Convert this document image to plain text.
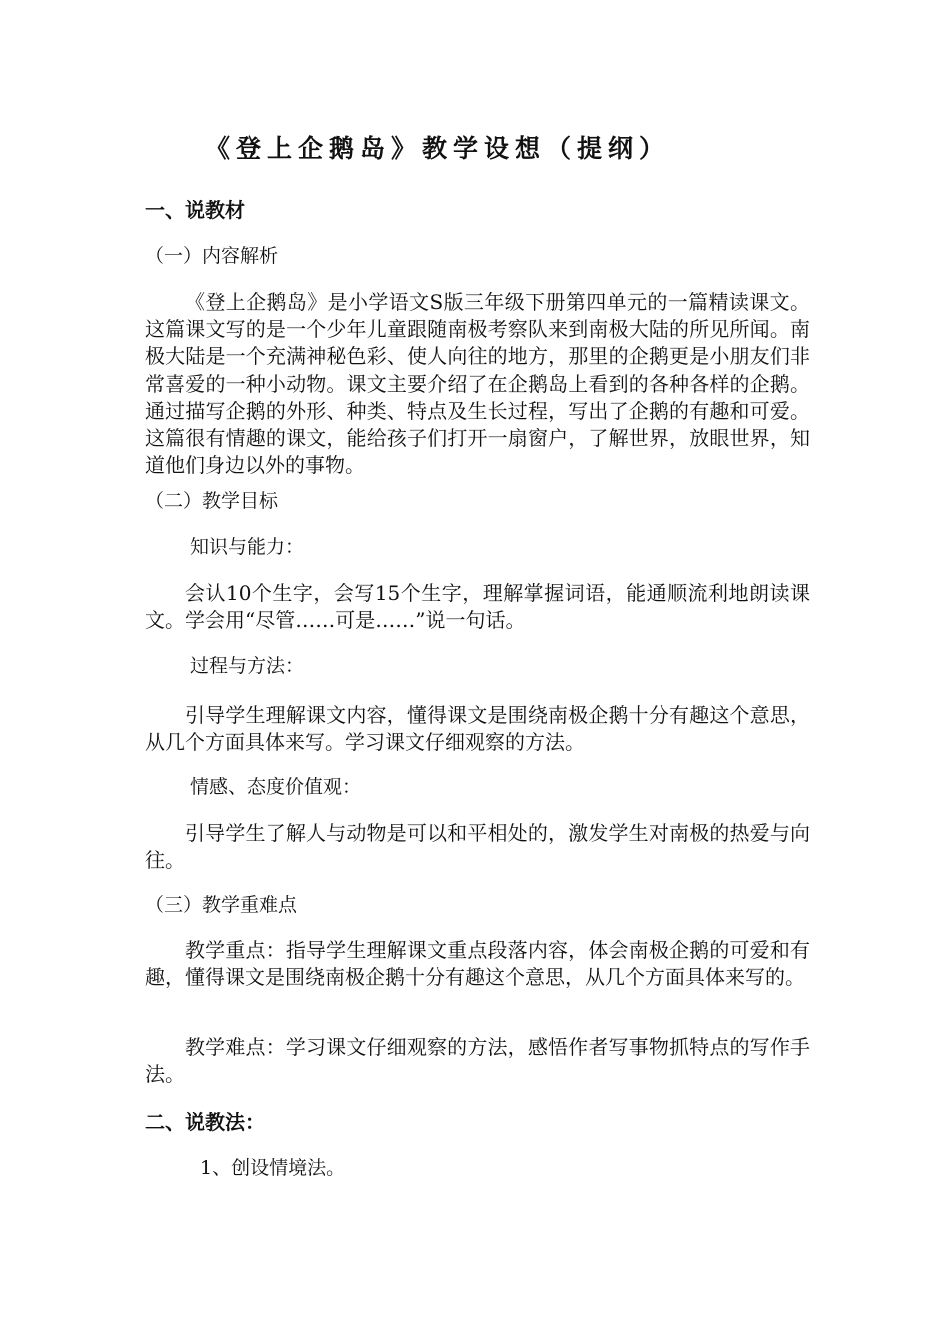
《登上企鹅岛》教学设想（提纲）
一、说教材
（一）内容解析
《登上企鹅岛》是小学语文S版三年级下册第四单元的一篇精读课文。这篇课文写的是一个少年儿童跟随南极考察队来到南极大陆的所见所闻。南极大陆是一个充满神秘色彩、使人向往的地方，那里的企鹅更是小朋友们非常喜爱的一种小动物。课文主要介绍了在企鹅岛上看到的各种各样的企鹅。通过描写企鹅的外形、种类、特点及生长过程，写出了企鹅的有趣和可爱。这篇很有情趣的课文，能给孩子们打开一扇窗户，了解世界，放眼世界，知道他们身边以外的事物。
（二）教学目标
知识与能力：
会认10个生字，会写15个生字，理解掌握词语，能通顺流利地朗读课文。学会用“尽管……可是……”说一句话。
过程与方法：
引导学生理解课文内容，懂得课文是围绕南极企鹅十分有趣这个意思，从几个方面具体来写。学习课文仔细观察的方法。
情感、态度价值观：
引导学生了解人与动物是可以和平相处的，激发学生对南极的热爱与向往。
（三）教学重难点
教学重点：指导学生理解课文重点段落内容，体会南极企鹅的可爱和有趣，懂得课文是围绕南极企鹅十分有趣这个意思，从几个方面具体来写的。
教学难点：学习课文仔细观察的方法，感悟作者写事物抓特点的写作手法。
二、说教法：
1、创设情境法。
